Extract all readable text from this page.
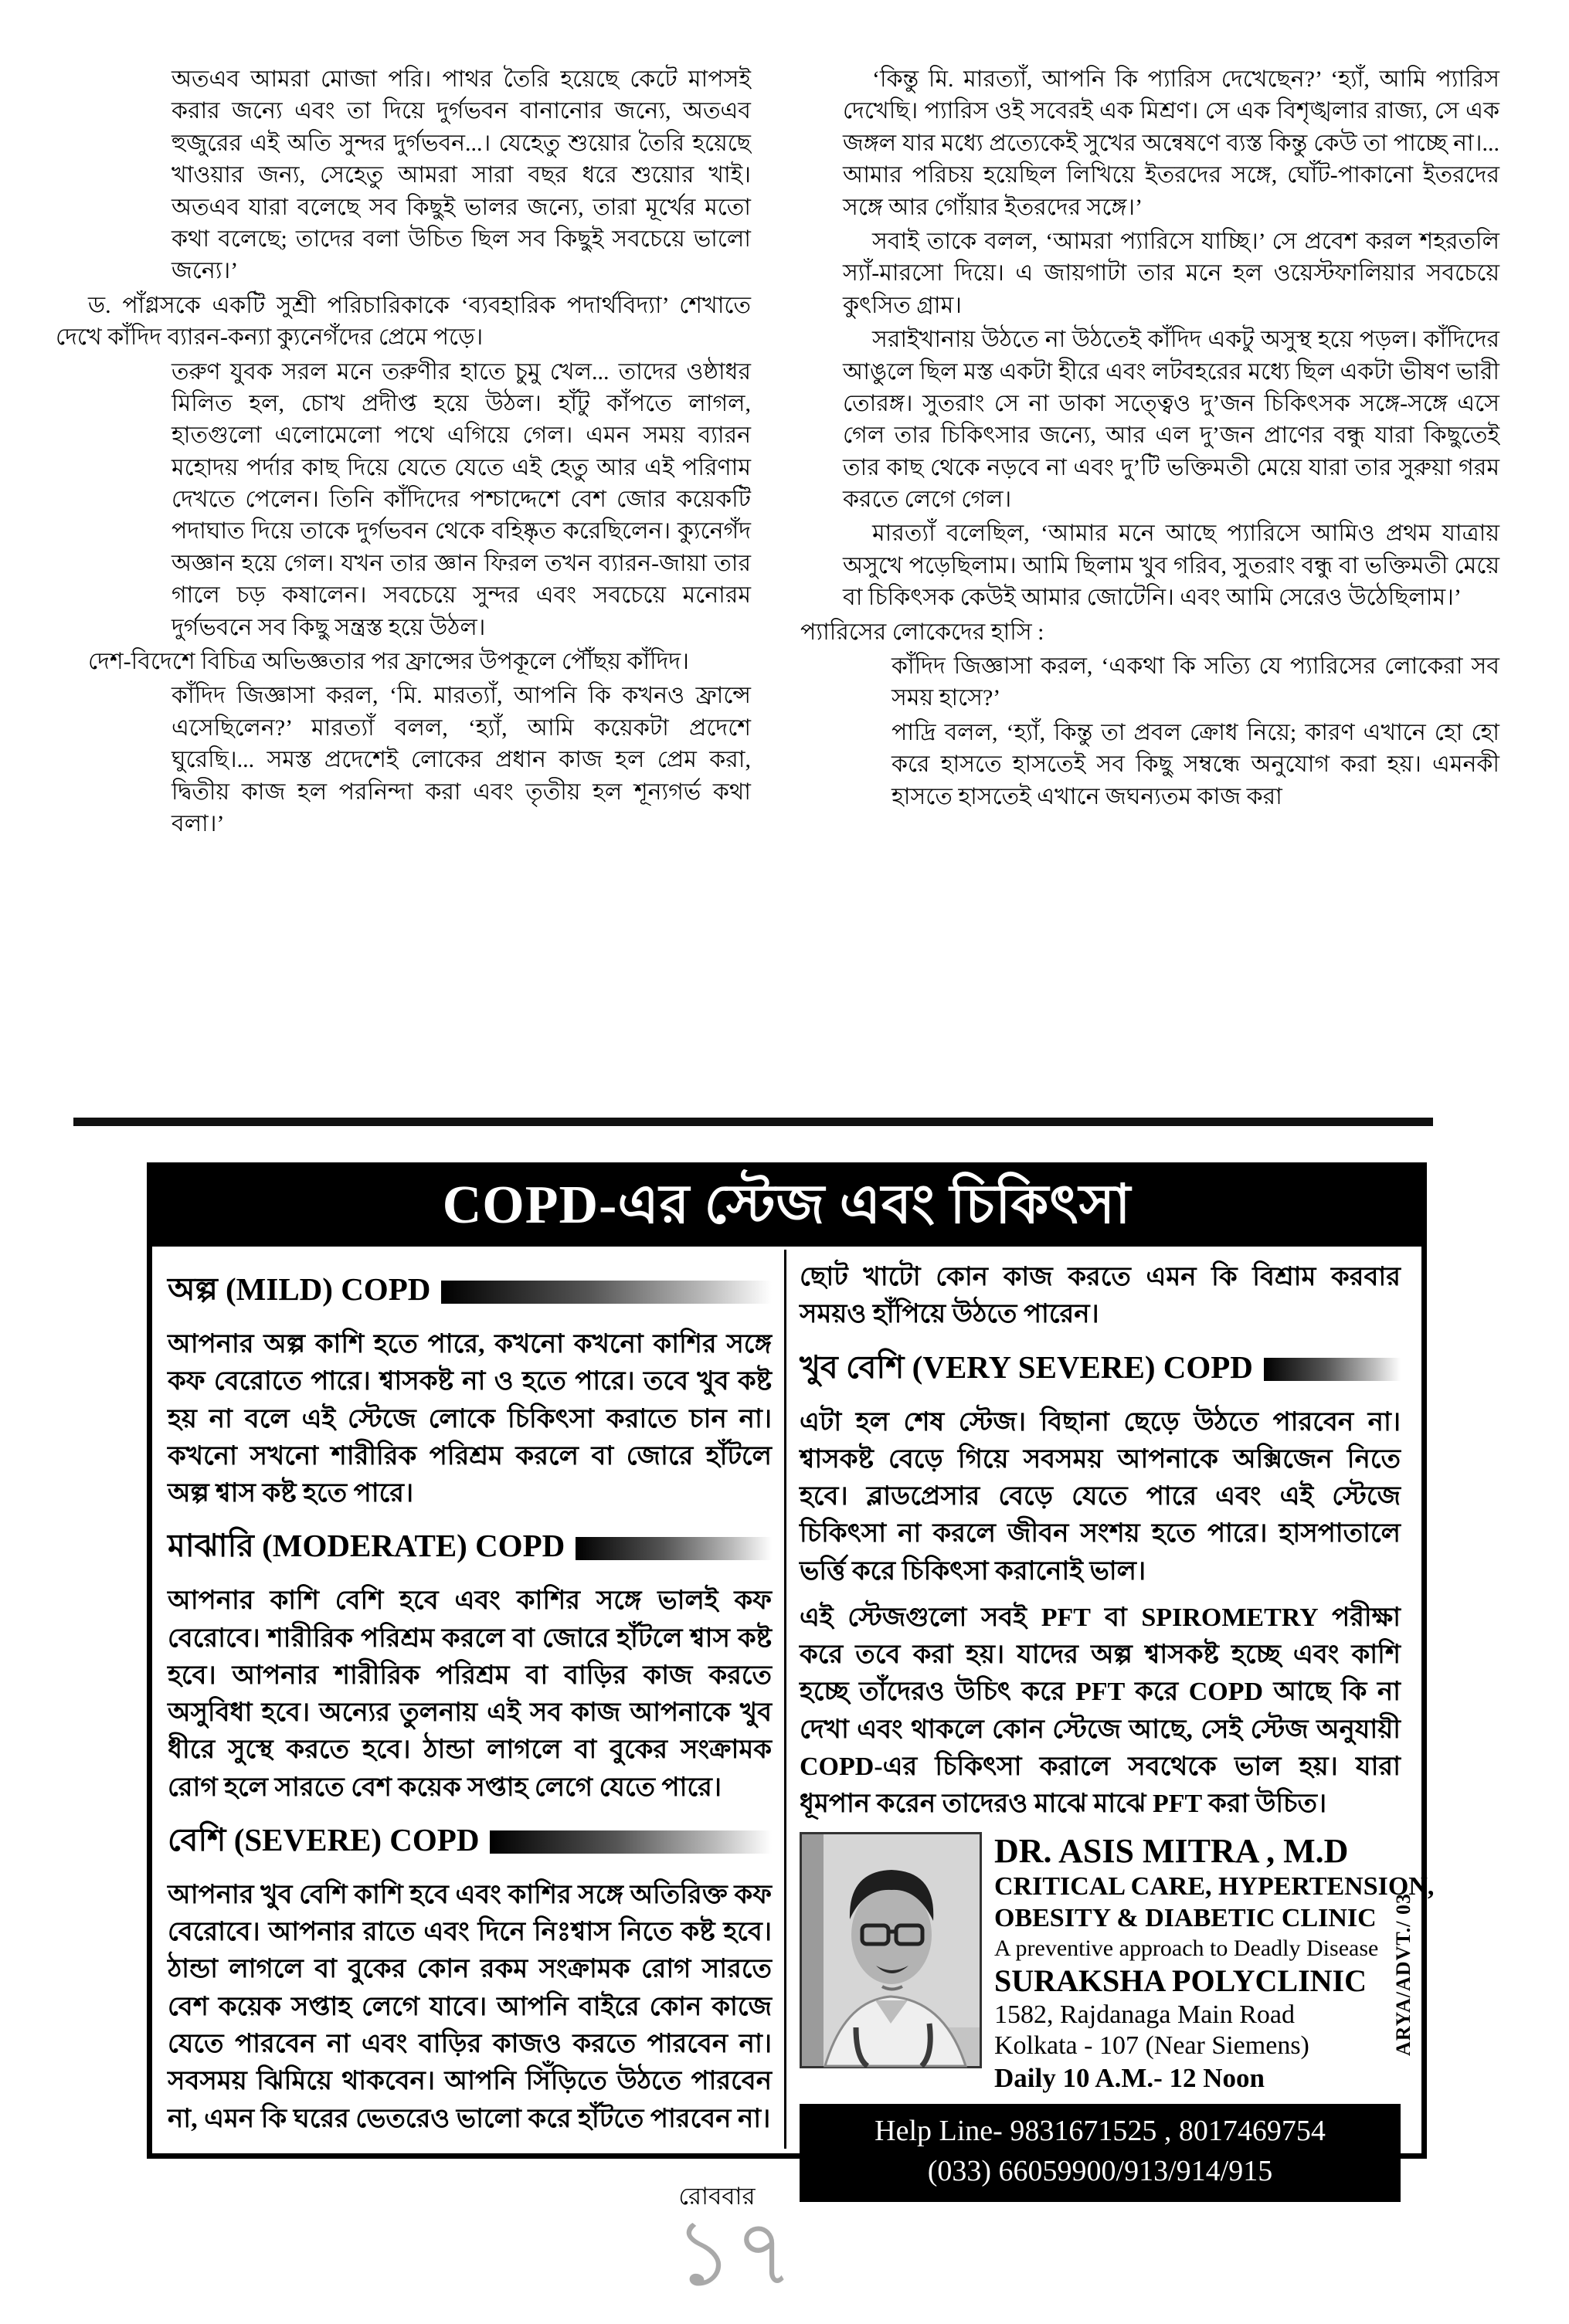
অতএব আমরা মোজা পরি। পাথর তৈরি হয়েছে কেটে মাপসই করার জন্যে এবং তা দিয়ে দুর্গভবন বানানোর জন্যে, অতএব হুজুরের এই অতি সুন্দর দুর্গভবন...। যেহেতু শুয়োর তৈরি হয়েছে খাওয়ার জন্য, সেহেতু আমরা সারা বছর ধরে শুয়োর খাই। অতএব যারা বলেছে সব কিছুই ভালর জন্যে, তারা মূর্খের মতো কথা বলেছে; তাদের বলা উচিত ছিল সব কিছুই সবচেয়ে ভালো জন্যে।’

ড. পাঁগ্লসকে একটি সুশ্রী পরিচারিকাকে ‘ব্যবহারিক পদার্থবিদ্যা’ শেখাতে দেখে কাঁদিদ ব্যারন-কন্যা ক্যুনেগঁদের প্রেমে পড়ে।

তরুণ যুবক সরল মনে তরুণীর হাতে চুমু খেল... তাদের ওষ্ঠাধর মিলিত হল, চোখ প্রদীপ্ত হয়ে উঠল। হাঁটু কাঁপতে লাগল, হাতগুলো এলোমেলো পথে এগিয়ে গেল। এমন সময় ব্যারন মহোদয় পর্দার কাছ দিয়ে যেতে যেতে এই হেতু আর এই পরিণাম দেখতে পেলেন। তিনি কাঁদিদের পশ্চাদ্দেশে বেশ জোর কয়েকটি পদাঘাত দিয়ে তাকে দুর্গভবন থেকে বহিষ্কৃত করেছিলেন। ক্যুনেগঁদ অজ্ঞান হয়ে গেল। যখন তার জ্ঞান ফিরল তখন ব্যারন-জায়া তার গালে চড় কষালেন। সবচেয়ে সুন্দর এবং সবচেয়ে মনোরম দুর্গভবনে সব কিছু সন্ত্রস্ত হয়ে উঠল।

দেশ-বিদেশে বিচিত্র অভিজ্ঞতার পর ফ্রান্সের উপকূলে পৌঁছয় কাঁদিদ।

কাঁদিদ জিজ্ঞাসা করল, ‘মি. মারত্যাঁ, আপনি কি কখনও ফ্রান্সে এসেছিলেন?’ মারত্যাঁ বলল, ‘হ্যাঁ, আমি কয়েকটা প্রদেশে ঘুরেছি।... সমস্ত প্রদেশেই লোকের প্রধান কাজ হল প্রেম করা, দ্বিতীয় কাজ হল পরনিন্দা করা এবং তৃতীয় হল শূন্যগর্ভ কথা বলা।’

‘কিন্তু মি. মারত্যাঁ, আপনি কি প্যারিস দেখেছেন?’ ‘হ্যাঁ, আমি প্যারিস দেখেছি। প্যারিস ওই সবেরই এক মিশ্রণ। সে এক বিশৃঙ্খলার রাজ্য, সে এক জঙ্গল যার মধ্যে প্রত্যেকেই সুখের অন্বেষণে ব্যস্ত কিন্তু কেউ তা পাচ্ছে না।... আমার পরিচয় হয়েছিল লিখিয়ে ইতরদের সঙ্গে, ঘোঁট-পাকানো ইতরদের সঙ্গে আর গোঁয়ার ইতরদের সঙ্গে।’

সবাই তাকে বলল, ‘আমরা প্যারিসে যাচ্ছি।’ সে প্রবেশ করল শহরতলি স্যাঁ-মারসো দিয়ে। এ জায়গাটা তার মনে হল ওয়েস্টফালিয়ার সবচেয়ে কুৎসিত গ্রাম।

সরাইখানায় উঠতে না উঠতেই কাঁদিদ একটু অসুস্থ হয়ে পড়ল। কাঁদিদের আঙুলে ছিল মস্ত একটা হীরে এবং লটবহরের মধ্যে ছিল একটা ভীষণ ভারী তোরঙ্গ। সুতরাং সে না ডাকা সত্ত্বেও দু’জন চিকিৎসক সঙ্গে-সঙ্গে এসে গেল তার চিকিৎসার জন্যে, আর এল দু’জন প্রাণের বন্ধু যারা কিছুতেই তার কাছ থেকে নড়বে না এবং দু’টি ভক্তিমতী মেয়ে যারা তার সুরুয়া গরম করতে লেগে গেল।

মারত্যাঁ বলেছিল, ‘আমার মনে আছে প্যারিসে আমিও প্রথম যাত্রায় অসুখে পড়েছিলাম। আমি ছিলাম খুব গরিব, সুতরাং বন্ধু বা ভক্তিমতী মেয়ে বা চিকিৎসক কেউই আমার জোটেনি। এবং আমি সেরেও উঠেছিলাম।’

প্যারিসের লোকেদের হাসি :

কাঁদিদ জিজ্ঞাসা করল, ‘একথা কি সত্যি যে প্যারিসের লোকেরা সব সময় হাসে?’

পাদ্রি বলল, ‘হ্যাঁ, কিন্তু তা প্রবল ক্রোধ নিয়ে; কারণ এখানে হো হো করে হাসতে হাসতেই সব কিছু সম্বন্ধে অনুযোগ করা হয়। এমনকী হাসতে হাসতেই এখানে জঘন্যতম কাজ করা

COPD-এর স্টেজ এবং চিকিৎসা
অল্প (MILD) COPD

আপনার অল্প কাশি হতে পারে, কখনো কখনো কাশির সঙ্গে কফ বেরোতে পারে। শ্বাসকষ্ট না ও হতে পারে। তবে খুব কষ্ট হয় না বলে এই স্টেজে লোকে চিকিৎসা করাতে চান না। কখনো সখনো শারীরিক পরিশ্রম করলে বা জোরে হাঁটলে অল্প শ্বাস কষ্ট হতে পারে।

মাঝারি (MODERATE) COPD

আপনার কাশি বেশি হবে এবং কাশির সঙ্গে ভালই কফ বেরোবে। শারীরিক পরিশ্রম করলে বা জোরে হাঁটলে শ্বাস কষ্ট হবে। আপনার শারীরিক পরিশ্রম বা বাড়ির কাজ করতে অসুবিধা হবে। অন্যের তুলনায় এই সব কাজ আপনাকে খুব ধীরে সুস্থে করতে হবে। ঠান্ডা লাগলে বা বুকের সংক্রামক রোগ হলে সারতে বেশ কয়েক সপ্তাহ লেগে যেতে পারে।

বেশি (SEVERE) COPD

আপনার খুব বেশি কাশি হবে এবং কাশির সঙ্গে অতিরিক্ত কফ বেরোবে। আপনার রাতে এবং দিনে নিঃশ্বাস নিতে কষ্ট হবে। ঠান্ডা লাগলে বা বুকের কোন রকম সংক্রামক রোগ সারতে বেশ কয়েক সপ্তাহ লেগে যাবে। আপনি বাইরে কোন কাজে যেতে পারবেন না এবং বাড়ির কাজও করতে পারবেন না। সবসময় ঝিমিয়ে থাকবেন। আপনি সিঁড়িতে উঠতে পারবেন না, এমন কি ঘরের ভেতরেও ভালো করে হাঁটতে পারবেন না।

ছোট খাটো কোন কাজ করতে এমন কি বিশ্রাম করবার সময়ও হাঁপিয়ে উঠতে পারেন।

খুব বেশি (VERY SEVERE) COPD

এটা হল শেষ স্টেজ। বিছানা ছেড়ে উঠতে পারবেন না। শ্বাসকষ্ট বেড়ে গিয়ে সবসময় আপনাকে অক্সিজেন নিতে হবে। ব্লাডপ্রেসার বেড়ে যেতে পারে এবং এই স্টেজে চিকিৎসা না করলে জীবন সংশয় হতে পারে। হাসপাতালে ভর্ত্তি করে চিকিৎসা করানোই ভাল।

এই স্টেজগুলো সবই PFT বা SPIROMETRY পরীক্ষা করে তবে করা হয়। যাদের অল্প শ্বাসকষ্ট হচ্ছে এবং কাশি হচ্ছে তাঁদেরও উচিৎ করে PFT করে COPD আছে কি না দেখা এবং থাকলে কোন স্টেজে আছে, সেই স্টেজ অনুযায়ী COPD-এর চিকিৎসা করালে সবথেকে ভাল হয়। যারা ধূমপান করেন তাদেরও মাঝে মাঝে PFT করা উচিত।

DR. ASIS MITRA , M.D
CRITICAL CARE, HYPERTENSION,
OBESITY & DIABETIC CLINIC
A preventive approach to Deadly Disease
SURAKSHA POLYCLINIC
1582, Rajdanaga Main Road
Kolkata - 107 (Near Siemens)
Daily 10 A.M.- 12 Noon
Help Line- 9831671525 , 8017469754
(033) 66059900/913/914/915
ARYA/ADVT./ 03
রোববার
১৭
